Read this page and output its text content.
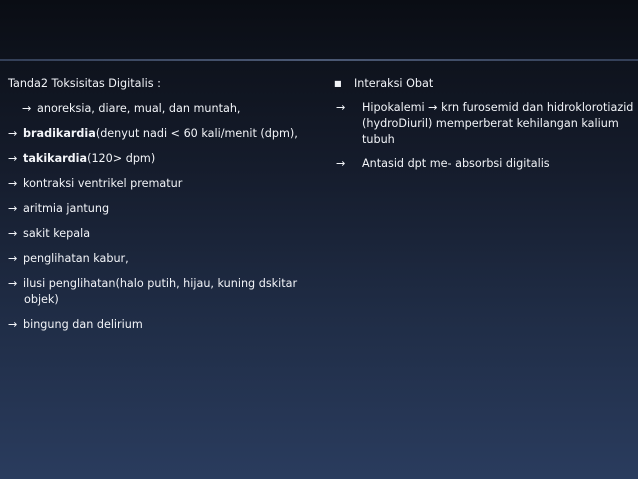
Tanda2 Toksisitas Digitalis :
→ anoreksia, diare, mual, dan muntah,
→ bradikardia(denyut nadi < 60 kali/menit (dpm),
→ takikardia(120> dpm)
→ kontraksi ventrikel prematur
→ aritmia jantung
→ sakit kepala
→ penglihatan kabur,
→ ilusi penglihatan(halo putih, hijau, kuning dskitar objek)
→ bingung dan delirium
■ Interaksi Obat
→ Hipokalemi → krn furosemid dan hidroklorotiazid (hydroDiuril) memperberat kehilangan kalium tubuh
→ Antasid dpt me- absorbsi digitalis
